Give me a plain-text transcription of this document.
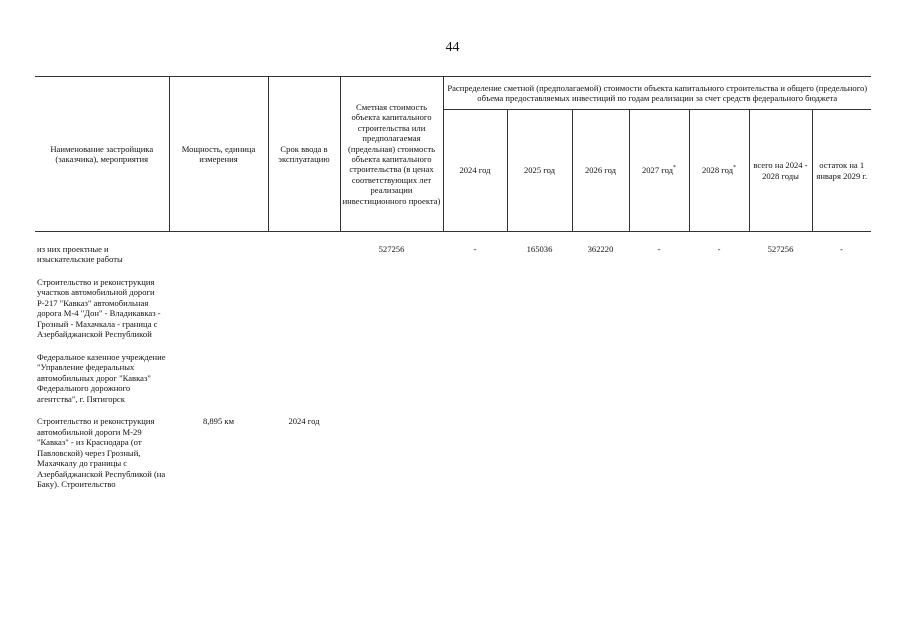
44
Наименование застройщика (заказчика), мероприятия	Мощность, единица измерения	Срок ввода в эксплуатацию	Сметная стоимость объекта капитального строительства или предполагаемая (предельная) стоимость объекта капитального строительства (в ценах соответствующих лет реализации инвестиционного проекта)	Распределение сметной (предполагаемой) стоимости объекта капитального строительства и общего (предельного) объема предоставляемых инвестиций по годам реализации за счет средств федерального бюджета						
				2024 год	2025 год	2026 год	2027 год*	2028 год*	всего на 2024 - 2028 годы	остаток на 1 января 2029 г.

из них проектные и изыскательские работы			527256	-	165036	362220	-	-	527256	-

Строительство и реконструкция участков автомобильной дороги Р-217 "Кавказ" автомобильная дорога М-4 "Дон" - Владикавказ - Грозный - Махачкала - граница с Азербайджанской Республикой										

Федеральное казенное учреждение "Управление федеральных автомобильных дорог "Кавказ" Федерального дорожного агентства", г. Пятигорск										

Строительство и реконструкция автомобильной дороги М-29 "Кавказ" - из Краснодара (от Павловской) через Грозный, Махачкалу до границы с Азербайджанской Республикой (на Баку). Строительство	8,895 км	2024 год								
